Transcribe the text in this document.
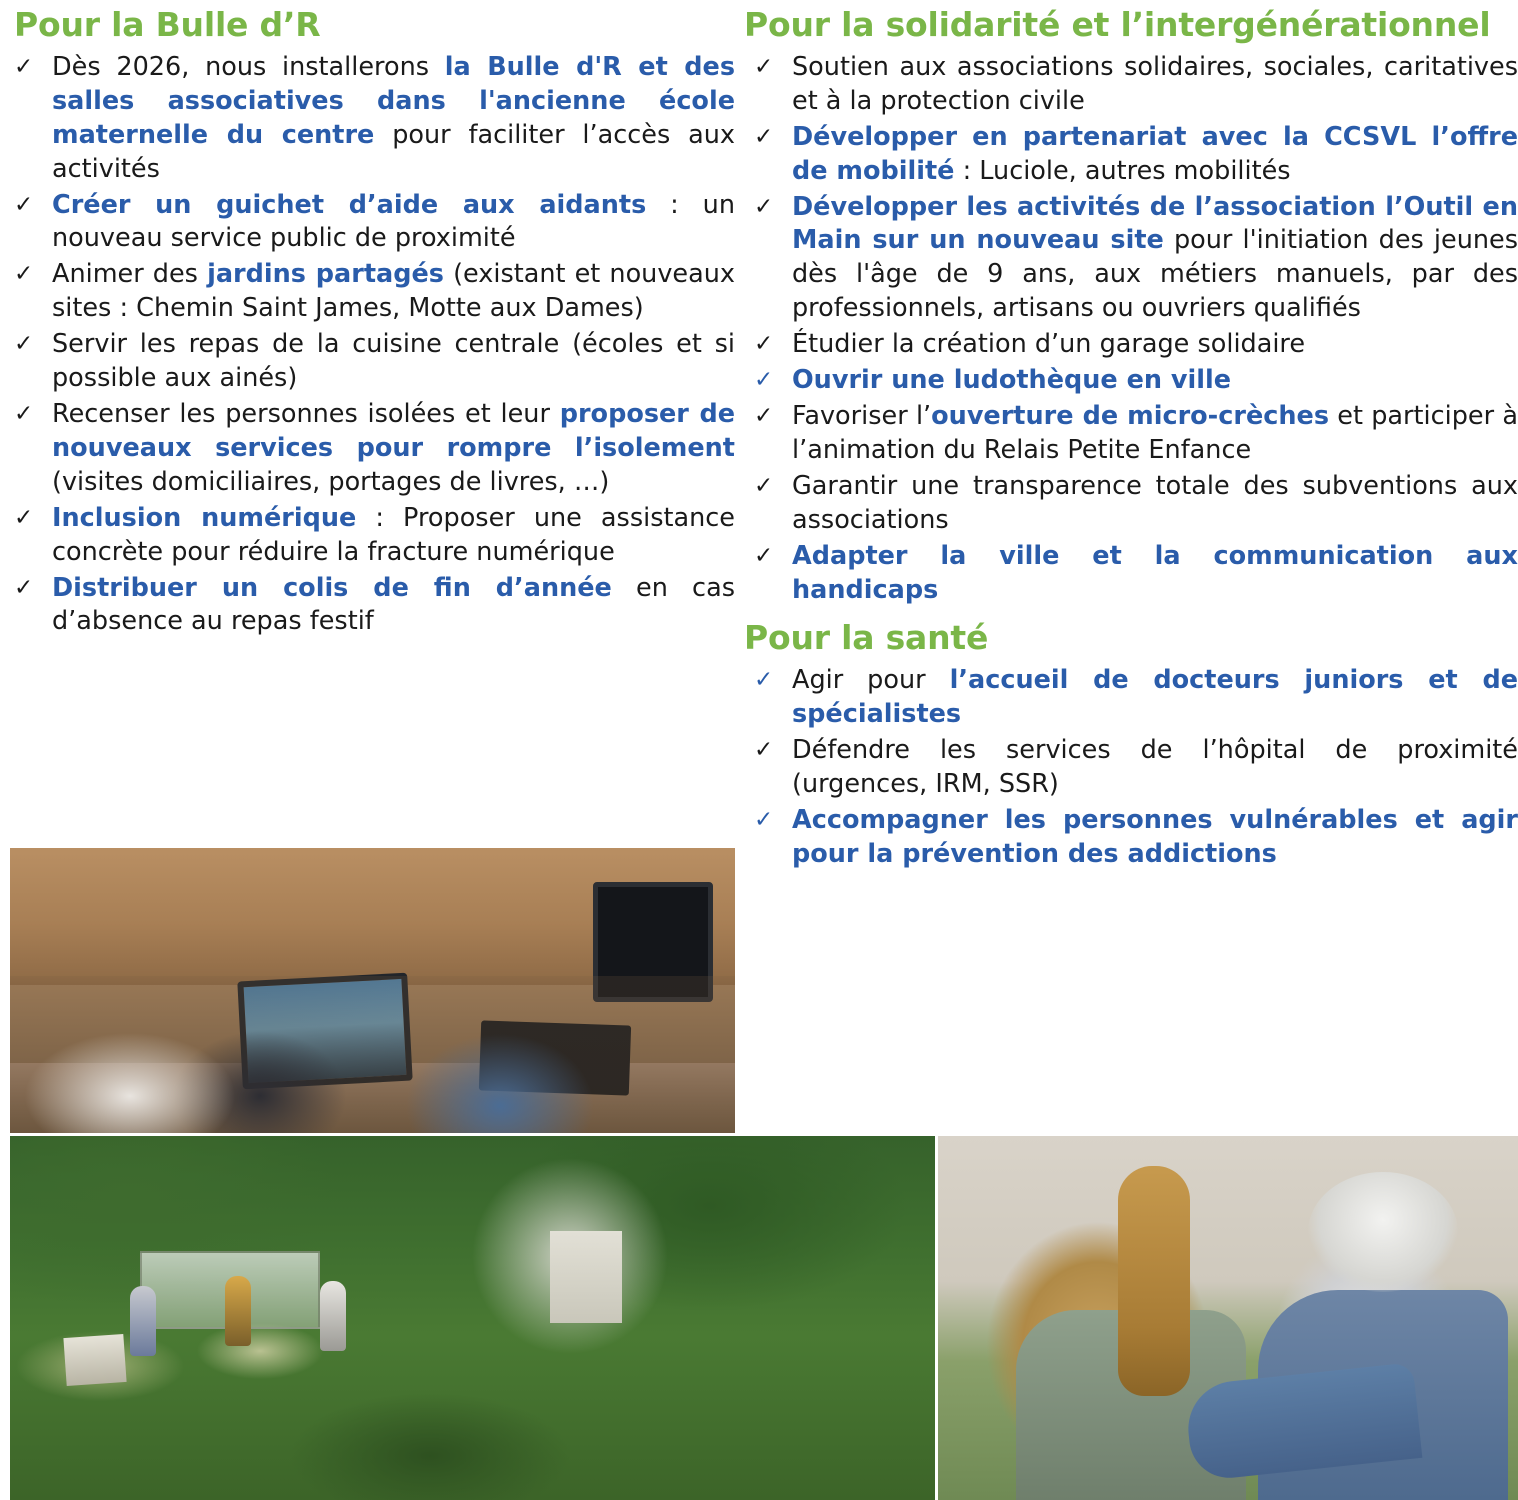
Pour la Bulle d’R
✓ Dès 2026, nous installerons la Bulle d'R et des salles associatives dans l'ancienne école maternelle du centre pour faciliter l’accès aux activités
✓ Créer un guichet d’aide aux aidants : un nouveau service public de proximité
✓ Animer des jardins partagés (existant et nouveaux sites : Chemin Saint James, Motte aux Dames)
✓ Servir les repas de la cuisine centrale (écoles et si possible aux ainés)
✓ Recenser les personnes isolées et leur proposer de nouveaux services pour rompre l’isolement (visites domiciliaires, portages de livres, …)
✓ Inclusion numérique : Proposer une assistance concrète pour réduire la fracture numérique
✓ Distribuer un colis de fin d’année en cas d’absence au repas festif
Pour la solidarité et l’intergénérationnel
✓ Soutien aux associations solidaires, sociales, caritatives et à la protection civile
✓ Développer en partenariat avec la CCSVL l’offre de mobilité : Luciole, autres mobilités
✓ Développer les activités de l’association l’Outil en Main sur un nouveau site pour l'initiation des jeunes dès l'âge de 9 ans, aux métiers manuels, par des professionnels, artisans ou ouvriers qualifiés
✓ Étudier la création d’un garage solidaire
✓ Ouvrir une ludothèque en ville
✓ Favoriser l’ouverture de micro-crèches et participer à l’animation du Relais Petite Enfance
✓ Garantir une transparence totale des subventions aux associations
✓ Adapter la ville et la communication aux handicaps
Pour la santé
✓ Agir pour l’accueil de docteurs juniors et de spécialistes
✓ Défendre les services de l’hôpital de proximité (urgences, IRM, SSR)
✓ Accompagner les personnes vulnérables et agir pour la prévention des addictions
